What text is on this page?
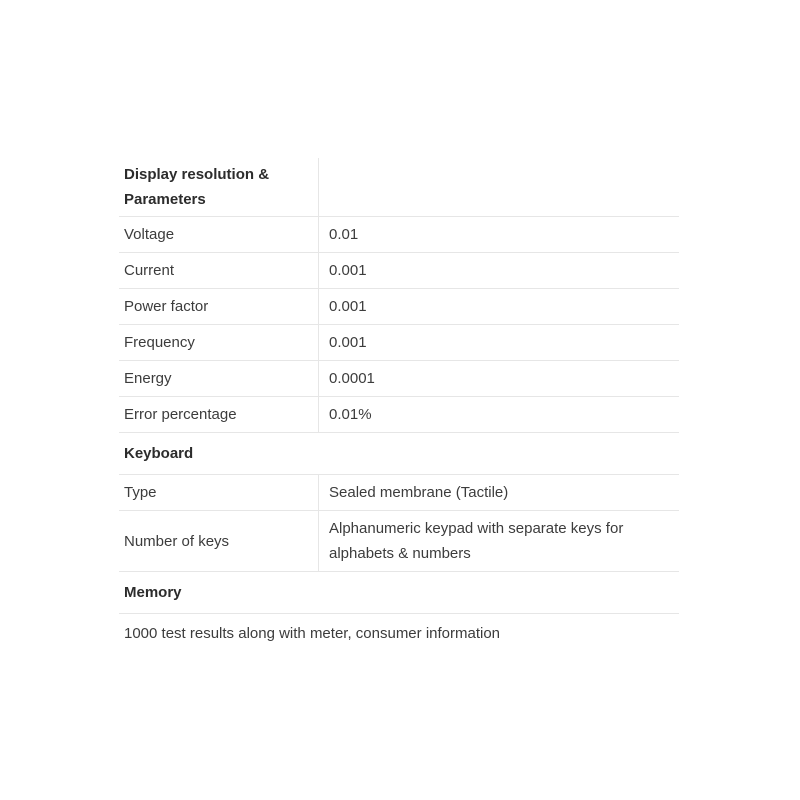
Display resolution & Parameters	
Voltage	0.01
Current	0.001
Power factor	0.001
Frequency	0.001
Energy	0.0001
Error percentage	0.01%
Keyboard	
Type	Sealed membrane (Tactile)
Number of keys	Alphanumeric keypad with separate keys for alphabets & numbers
Memory	
1000 test results along with meter, consumer information	
